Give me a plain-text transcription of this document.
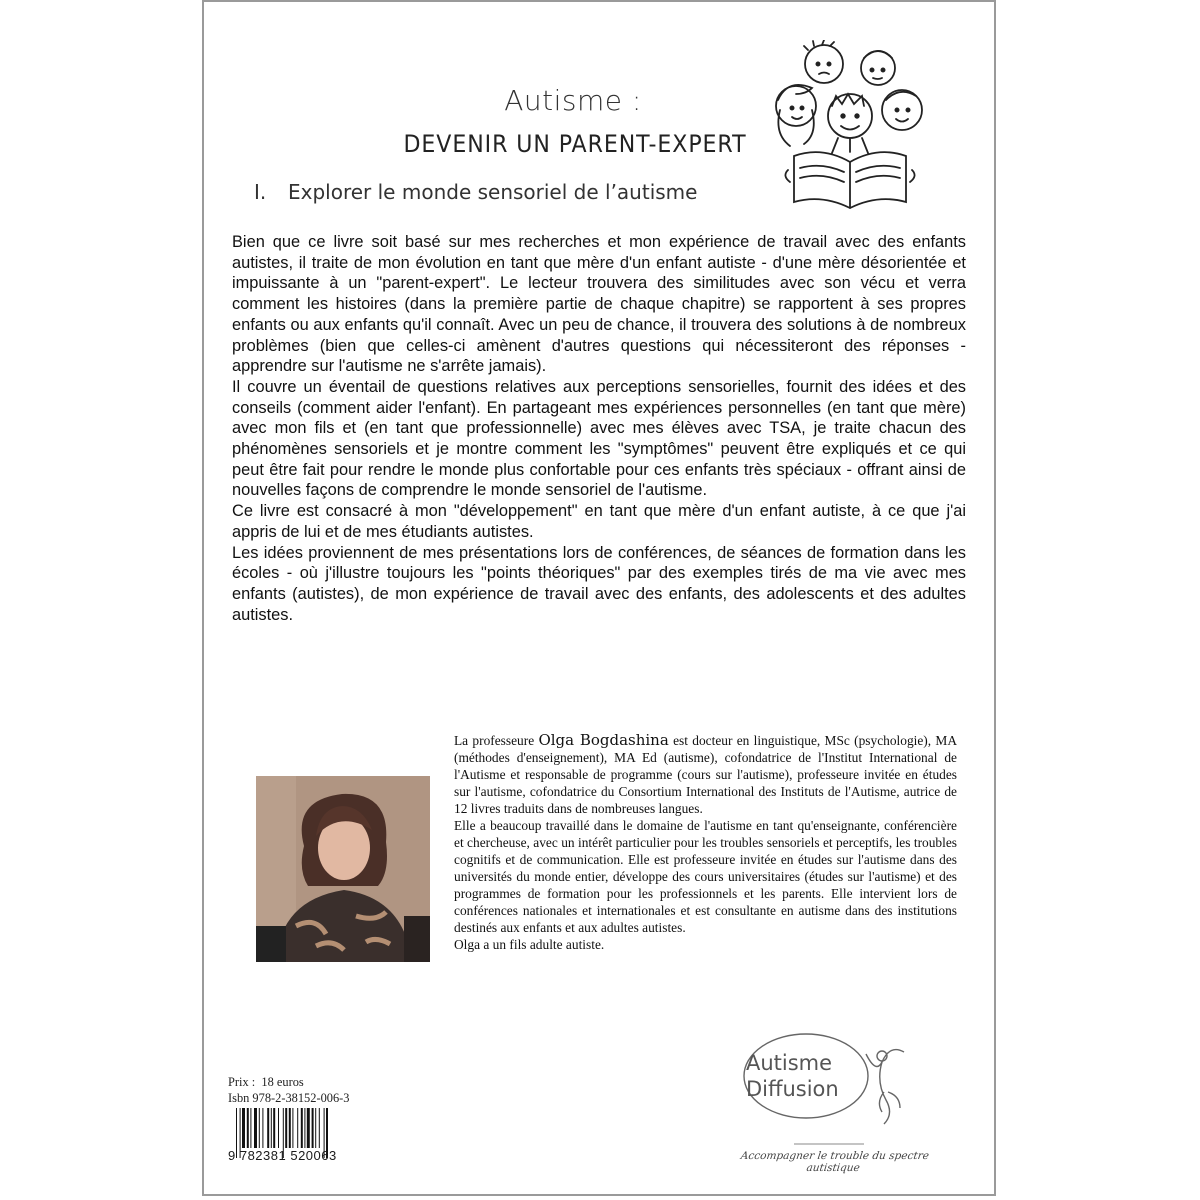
Autisme :
DEVENIR UN PARENT-EXPERT
I. Explorer le monde sensoriel de l’autisme

Bien que ce livre soit basé sur mes recherches et mon expérience de travail avec des enfants autistes, il traite de mon évolution en tant que mère d'un enfant autiste - d'une mère désorientée et impuissante à un "parent-expert". Le lecteur trouvera des similitudes avec son vécu et verra comment les histoires (dans la première partie de chaque chapitre) se rapportent à ses propres enfants ou aux enfants qu'il connaît. Avec un peu de chance, il trouvera des solutions à de nombreux problèmes (bien que celles-ci amènent d'autres questions qui nécessiteront des réponses - apprendre sur l'autisme ne s'arrête jamais).

Il couvre un éventail de questions relatives aux perceptions sensorielles, fournit des idées et des conseils (comment aider l'enfant). En partageant mes expériences personnelles (en tant que mère) avec mon fils et (en tant que professionnelle) avec mes élèves avec TSA, je traite chacun des phénomènes sensoriels et je montre comment les "symptômes" peuvent être expliqués et ce qui peut être fait pour rendre le monde plus confortable pour ces enfants très spéciaux - offrant ainsi de nouvelles façons de comprendre le monde sensoriel de l'autisme.

Ce livre est consacré à mon "développement" en tant que mère d'un enfant autiste, à ce que j'ai appris de lui et de mes étudiants autistes.

Les idées proviennent de mes présentations lors de conférences, de séances de formation dans les écoles - où j'illustre toujours les "points théoriques" par des exemples tirés de ma vie avec mes enfants (autistes), de mon expérience de travail avec des enfants, des adolescents et des adultes autistes.

La professeure Olga Bogdashina est docteur en linguistique, MSc (psychologie), MA (méthodes d'enseignement), MA Ed (autisme), cofondatrice de l'Institut International de l'Autisme et responsable de programme (cours sur l'autisme), professeure invitée en études sur l'autisme, cofondatrice du Consortium International des Instituts de l'Autisme, autrice de 12 livres traduits dans de nombreuses langues.

Elle a beaucoup travaillé dans le domaine de l'autisme en tant qu'enseignante, conférencière et chercheuse, avec un intérêt particulier pour les troubles sensoriels et perceptifs, les troubles cognitifs et de communication. Elle est professeure invitée en études sur l'autisme dans des universités du monde entier, développe des cours universitaires (études sur l'autisme) et des programmes de formation pour les professionnels et les parents. Elle intervient lors de conférences nationales et internationales et est consultante en autisme dans des institutions destinés aux enfants et aux adultes autistes.

Olga a un fils adulte autiste.

Prix : 18 euros
Isbn 978-2-38152-006-3
9 782381 520063
Autisme
Diffusion
Accompagner le trouble du spectre autistique
